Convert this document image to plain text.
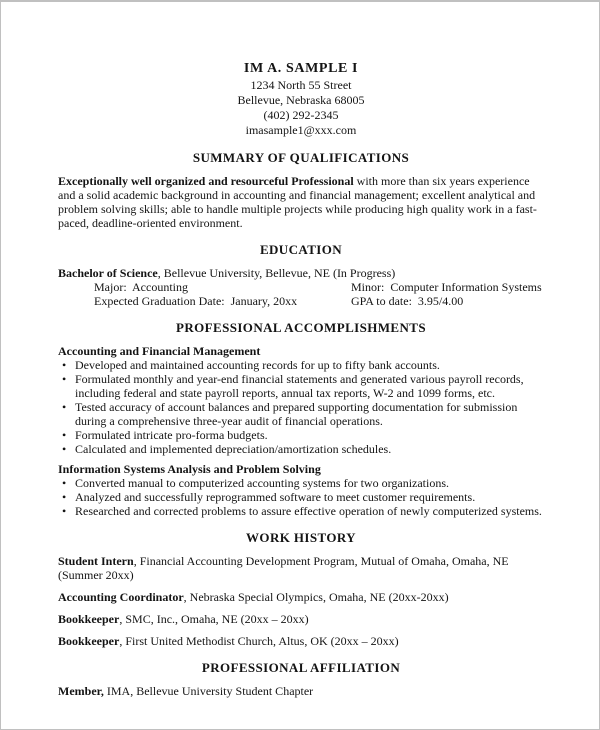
IM A. SAMPLE I
1234 North 55 Street
Bellevue, Nebraska 68005
(402) 292-2345
imasample1@xxx.com
SUMMARY OF QUALIFICATIONS

Exceptionally well organized and resourceful Professional with more than six years experience and a solid academic background in accounting and financial management; excellent analytical and problem solving skills; able to handle multiple projects while producing high quality work in a fast-paced, deadline-oriented environment.

EDUCATION

Bachelor of Science, Bellevue University, Bellevue, NE (In Progress)

Major:  Accounting	Minor:  Computer Information Systems
Expected Graduation Date:  January, 20xx	GPA to date:  3.95/4.00
PROFESSIONAL ACCOMPLISHMENTS

Accounting and Financial Management

• Developed and maintained accounting records for up to fifty bank accounts.
• Formulated monthly and year-end financial statements and generated various payroll records, including federal and state payroll reports, annual tax reports, W-2 and 1099 forms, etc.
• Tested accuracy of account balances and prepared supporting documentation for submission during a comprehensive three-year audit of financial operations.
• Formulated intricate pro-forma budgets.
• Calculated and implemented depreciation/amortization schedules.

Information Systems Analysis and Problem Solving

• Converted manual to computerized accounting systems for two organizations.
• Analyzed and successfully reprogrammed software to meet customer requirements.
• Researched and corrected problems to assure effective operation of newly computerized systems.
WORK HISTORY

Student Intern, Financial Accounting Development Program, Mutual of Omaha, Omaha, NE (Summer 20xx)

Accounting Coordinator, Nebraska Special Olympics, Omaha, NE (20xx-20xx)

Bookkeeper, SMC, Inc., Omaha, NE (20xx – 20xx)

Bookkeeper, First United Methodist Church, Altus, OK (20xx – 20xx)

PROFESSIONAL AFFILIATION

Member, IMA, Bellevue University Student Chapter
